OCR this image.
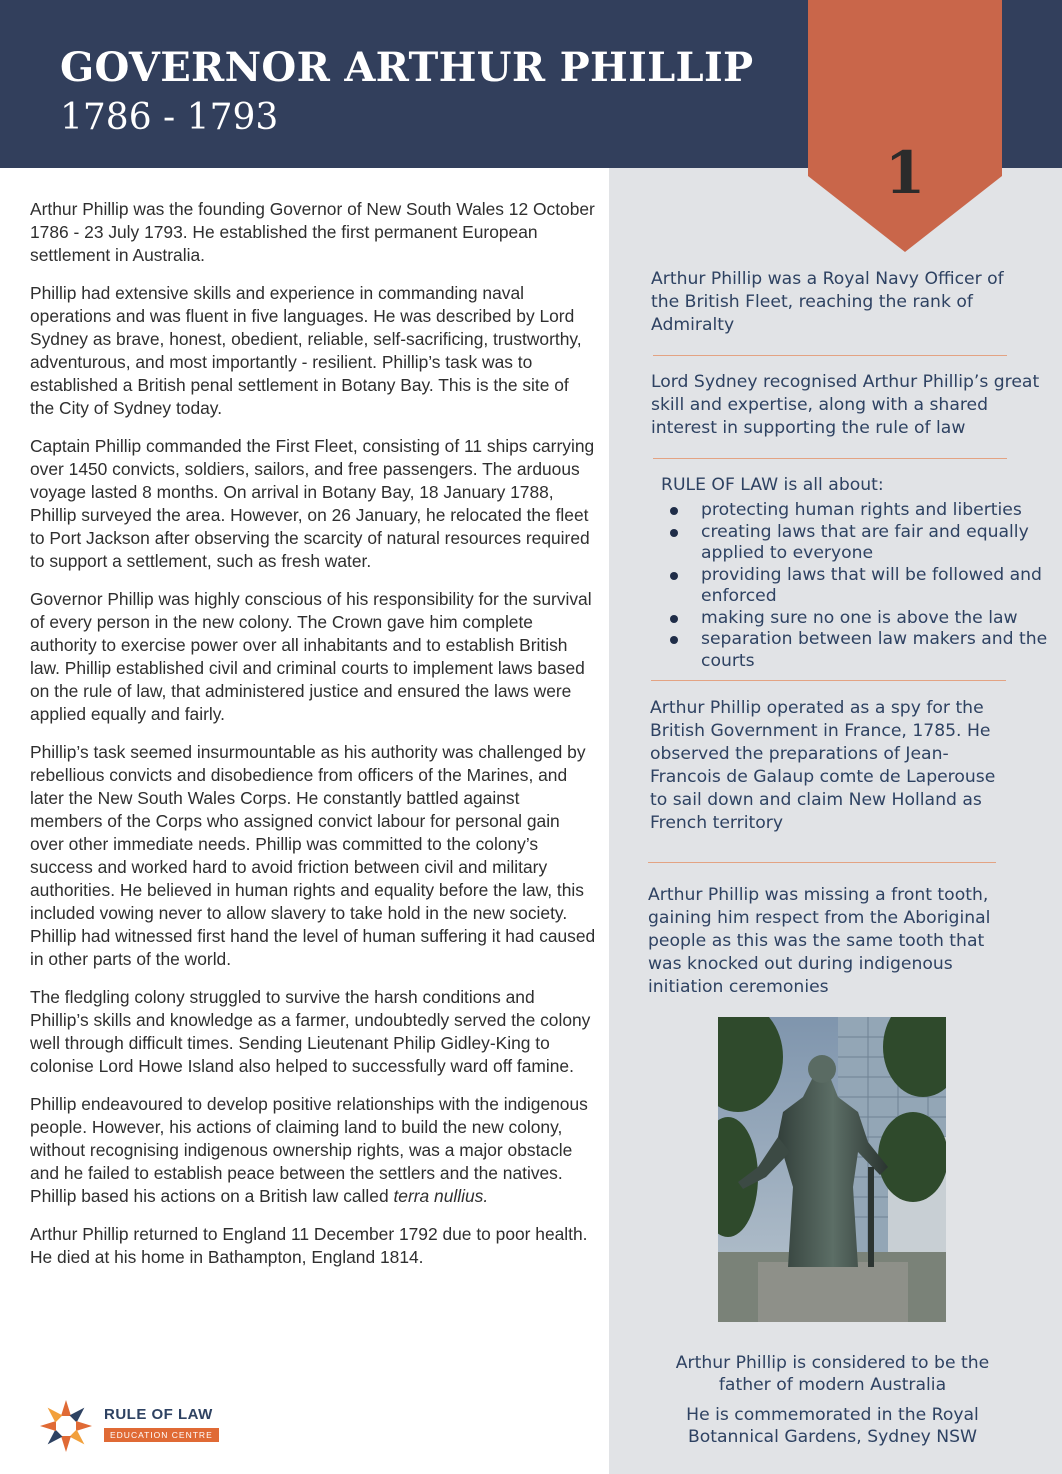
GOVERNOR ARTHUR PHILLIP
1786 - 1793
1

Arthur Phillip was the founding Governor of New South Wales 12 October 1786 - 23 July 1793. He established the first permanent European settlement in Australia.

Phillip had extensive skills and experience in commanding naval operations and was fluent in five languages. He was described by Lord Sydney as brave, honest, obedient, reliable, self-sacrificing, trustworthy, adventurous, and most importantly - resilient. Phillip’s task was to established a British penal settlement in Botany Bay. This is the site of the City of Sydney today.

Captain Phillip commanded the First Fleet, consisting of 11 ships carrying over 1450 convicts, soldiers, sailors, and free passengers. The arduous voyage lasted 8 months. On arrival in Botany Bay, 18 January 1788, Phillip surveyed the area. However, on 26 January, he relocated the fleet to Port Jackson after observing the scarcity of natural resources required to support a settlement, such as fresh water.

Governor Phillip was highly conscious of his responsibility for the survival of every person in the new colony. The Crown gave him complete authority to exercise power over all inhabitants and to establish British law. Phillip established civil and criminal courts to implement laws based on the rule of law, that administered justice and ensured the laws were applied equally and fairly.

Phillip’s task seemed insurmountable as his authority was challenged by rebellious convicts and disobedience from officers of the Marines, and later the New South Wales Corps. He constantly battled against members of the Corps who assigned convict labour for personal gain over other immediate needs. Phillip was committed to the colony’s success and worked hard to avoid friction between civil and military authorities. He believed in human rights and equality before the law, this included vowing never to allow slavery to take hold in the new society. Phillip had witnessed first hand the level of human suffering it had caused in other parts of the world.

The fledgling colony struggled to survive the harsh conditions and Phillip’s skills and knowledge as a farmer, undoubtedly served the colony well through difficult times. Sending Lieutenant Philip Gidley-King to colonise Lord Howe Island also helped to successfully ward off famine.

Phillip endeavoured to develop positive relationships with the indigenous people. However, his actions of claiming land to build the new colony, without recognising indigenous ownership rights, was a major obstacle and he failed to establish peace between the settlers and the natives. Phillip based his actions on a British law called terra nullius.

Arthur Phillip returned to England 11 December 1792 due to poor health. He died at his home in Bathampton, England 1814.

Arthur Phillip was a Royal Navy Officer of the British Fleet, reaching the rank of Admiralty

Lord Sydney recognised Arthur Phillip’s great skill and expertise, along with a shared interest in supporting the rule of law

RULE OF LAW is all about:
protecting human rights and liberties
creating laws that are fair and equally applied to everyone
providing laws that will be followed and enforced
making sure no one is above the law
separation between law makers and the courts

Arthur Phillip operated as a spy for the British Government in France, 1785. He observed the preparations of Jean-Francois de Galaup comte de Laperouse to sail down and claim New Holland as French territory

Arthur Phillip was missing a front tooth, gaining him respect from the Aboriginal people as this was the same tooth that was knocked out during indigenous initiation ceremonies

Arthur Phillip is considered to be the father of modern Australia
He is commemorated in the Royal Botannical Gardens, Sydney NSW
RULE OF LAW
EDUCATION CENTRE
